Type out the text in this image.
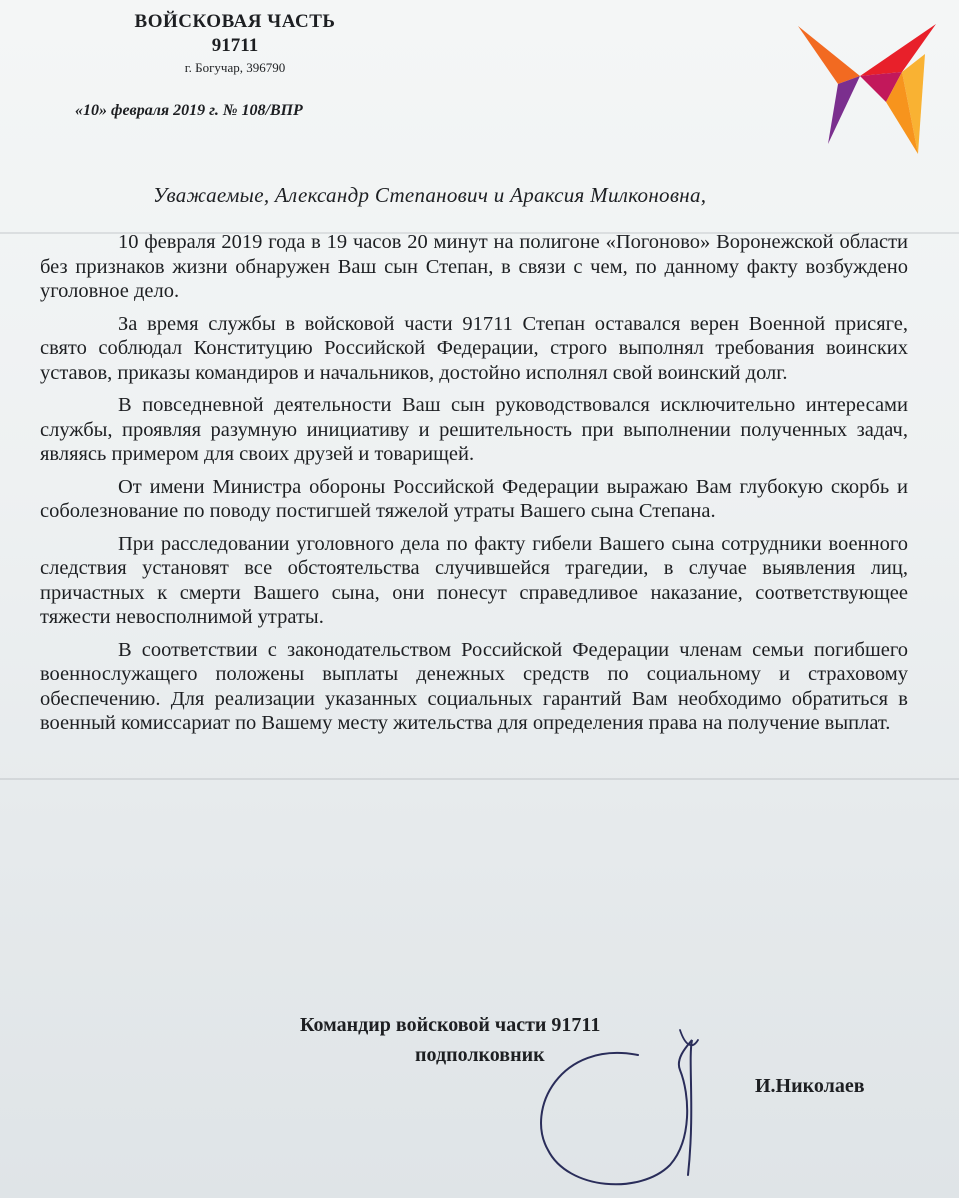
ВОЙСКОВАЯ ЧАСТЬ
91711
г. Богучар, 396790
«10» февраля 2019 г. № 108/ВПР
Уважаемые, Александр Степанович и Араксия Милконовна,

10 февраля 2019 года в 19 часов 20 минут на полигоне «Погоново» Воронежской области без признаков жизни обнаружен Ваш сын Степан, в связи с чем, по данному факту возбуждено уголовное дело.

За время службы в войсковой части 91711 Степан оставался верен Военной присяге, свято соблюдал Конституцию Российской Федерации, строго выполнял требования воинских уставов, приказы командиров и начальников, достойно исполнял свой воинский долг.

В повседневной деятельности Ваш сын руководствовался исключительно интересами службы, проявляя разумную инициативу и решительность при выполнении полученных задач, являясь примером для своих друзей и товарищей.

От имени Министра обороны Российской Федерации выражаю Вам глубокую скорбь и соболезнование по поводу постигшей тяжелой утраты Вашего сына Степана.

При расследовании уголовного дела по факту гибели Вашего сына сотрудники военного следствия установят все обстоятельства случившейся трагедии, в случае выявления лиц, причастных к смерти Вашего сына, они понесут справедливое наказание, соответствующее тяжести невосполнимой утраты.

В соответствии с законодательством Российской Федерации членам семьи погибшего военнослужащего положены выплаты денежных средств по социальному и страховому обеспечению. Для реализации указанных социальных гарантий Вам необходимо обратиться в военный комиссариат по Вашему месту жительства для определения права на получение выплат.

Командир войсковой части 91711
подполковник
И.Николаев
